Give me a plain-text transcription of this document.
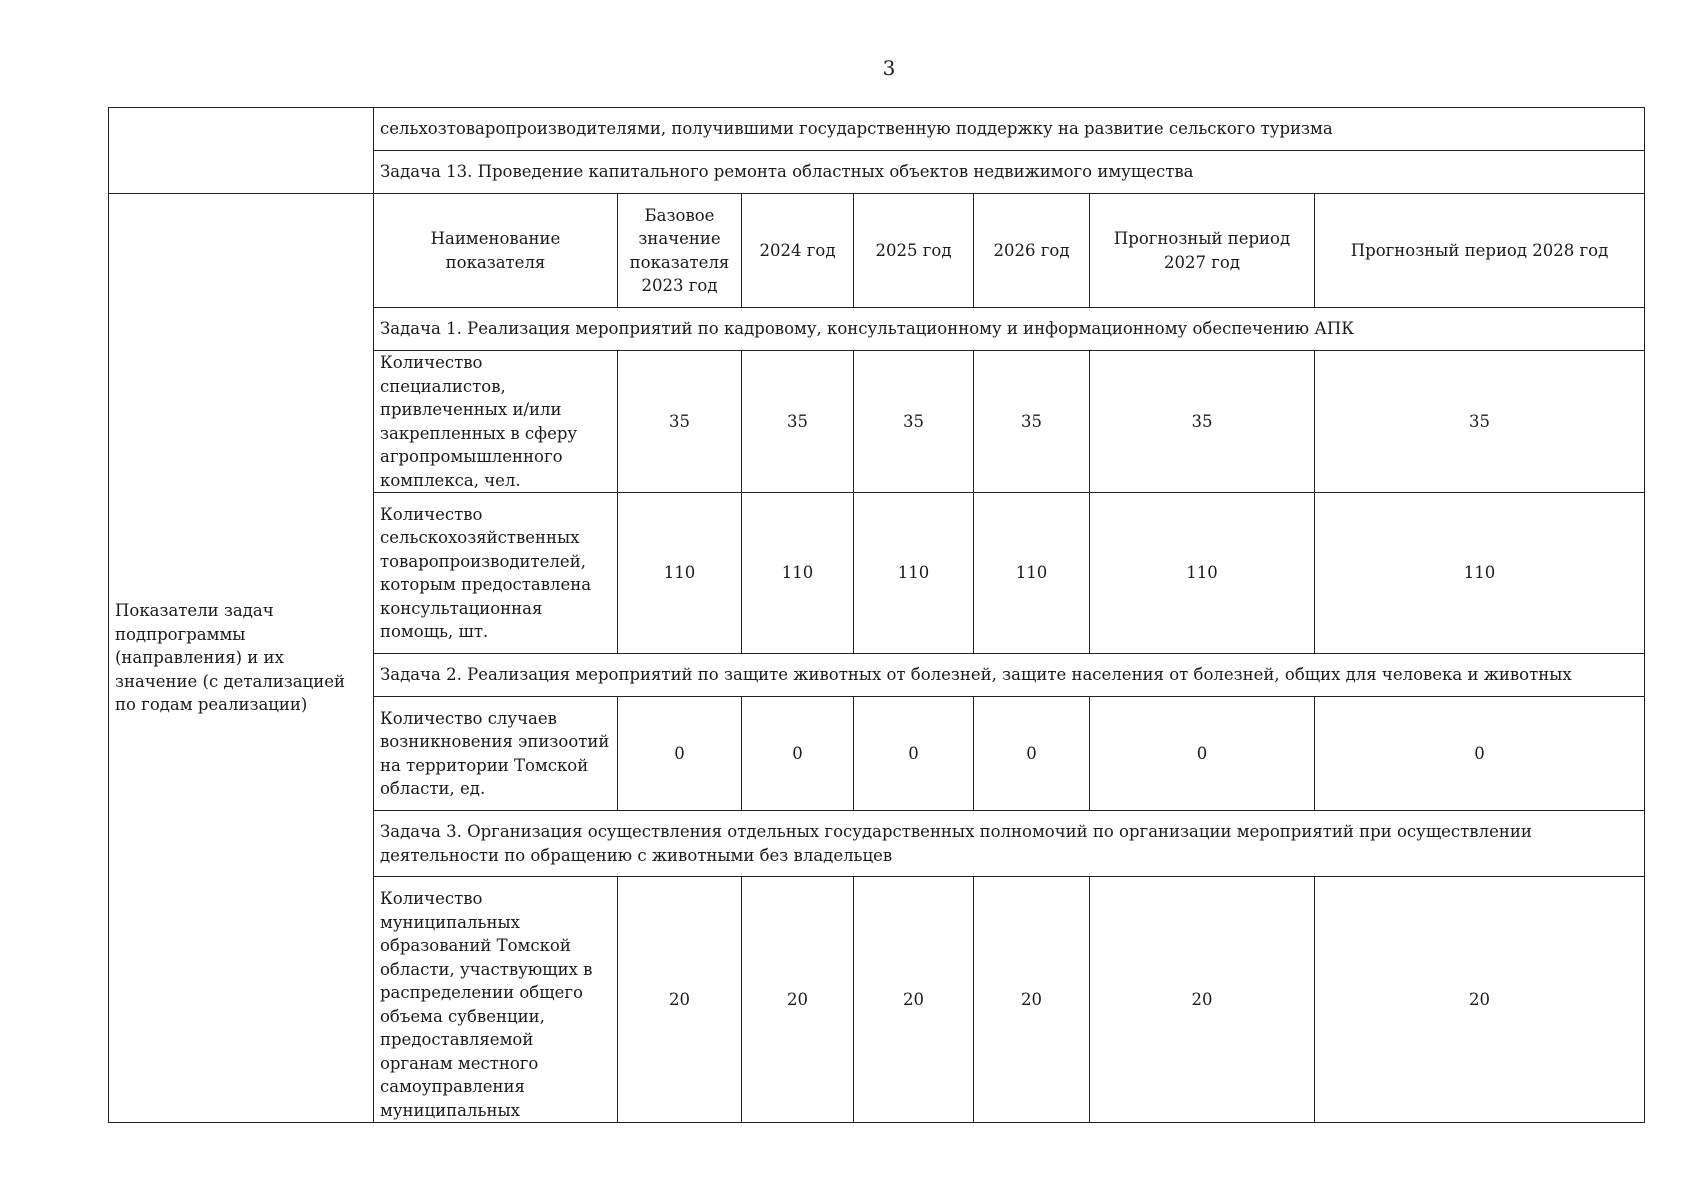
3
	сельхозтоваропроизводителями, получившими государственную поддержку на развитие сельского туризма						
	Задача 13. Проведение капитального ремонта областных объектов недвижимого имущества						
Показатели задач подпрограммы (направления) и их значение (с детализацией по годам реализации)	Наименование показателя	Базовое значение показателя 2023 год	2024 год	2025 год	2026 год	Прогнозный период 2027 год	Прогнозный период 2028 год
	Задача 1. Реализация мероприятий по кадровому, консультационному и информационному обеспечению АПК						
	Количество специалистов, привлеченных и/или закрепленных в сферу агропромышленного комплекса, чел.	35	35	35	35	35	35
	Количество сельскохозяйственных товаропроизводителей, которым предоставлена консультационная помощь, шт.	110	110	110	110	110	110
	Задача 2. Реализация мероприятий по защите животных от болезней, защите населения от болезней, общих для человека и животных						
	Количество случаев возникновения эпизоотий на территории Томской области, ед.	0	0	0	0	0	0
	Задача 3. Организация осуществления отдельных государственных полномочий по организации мероприятий при осуществлении деятельности по обращению с животными без владельцев						
	Количество муниципальных образований Томской области, участвующих в распределении общего объема субвенции, предоставляемой органам местного самоуправления муниципальных	20	20	20	20	20	20
